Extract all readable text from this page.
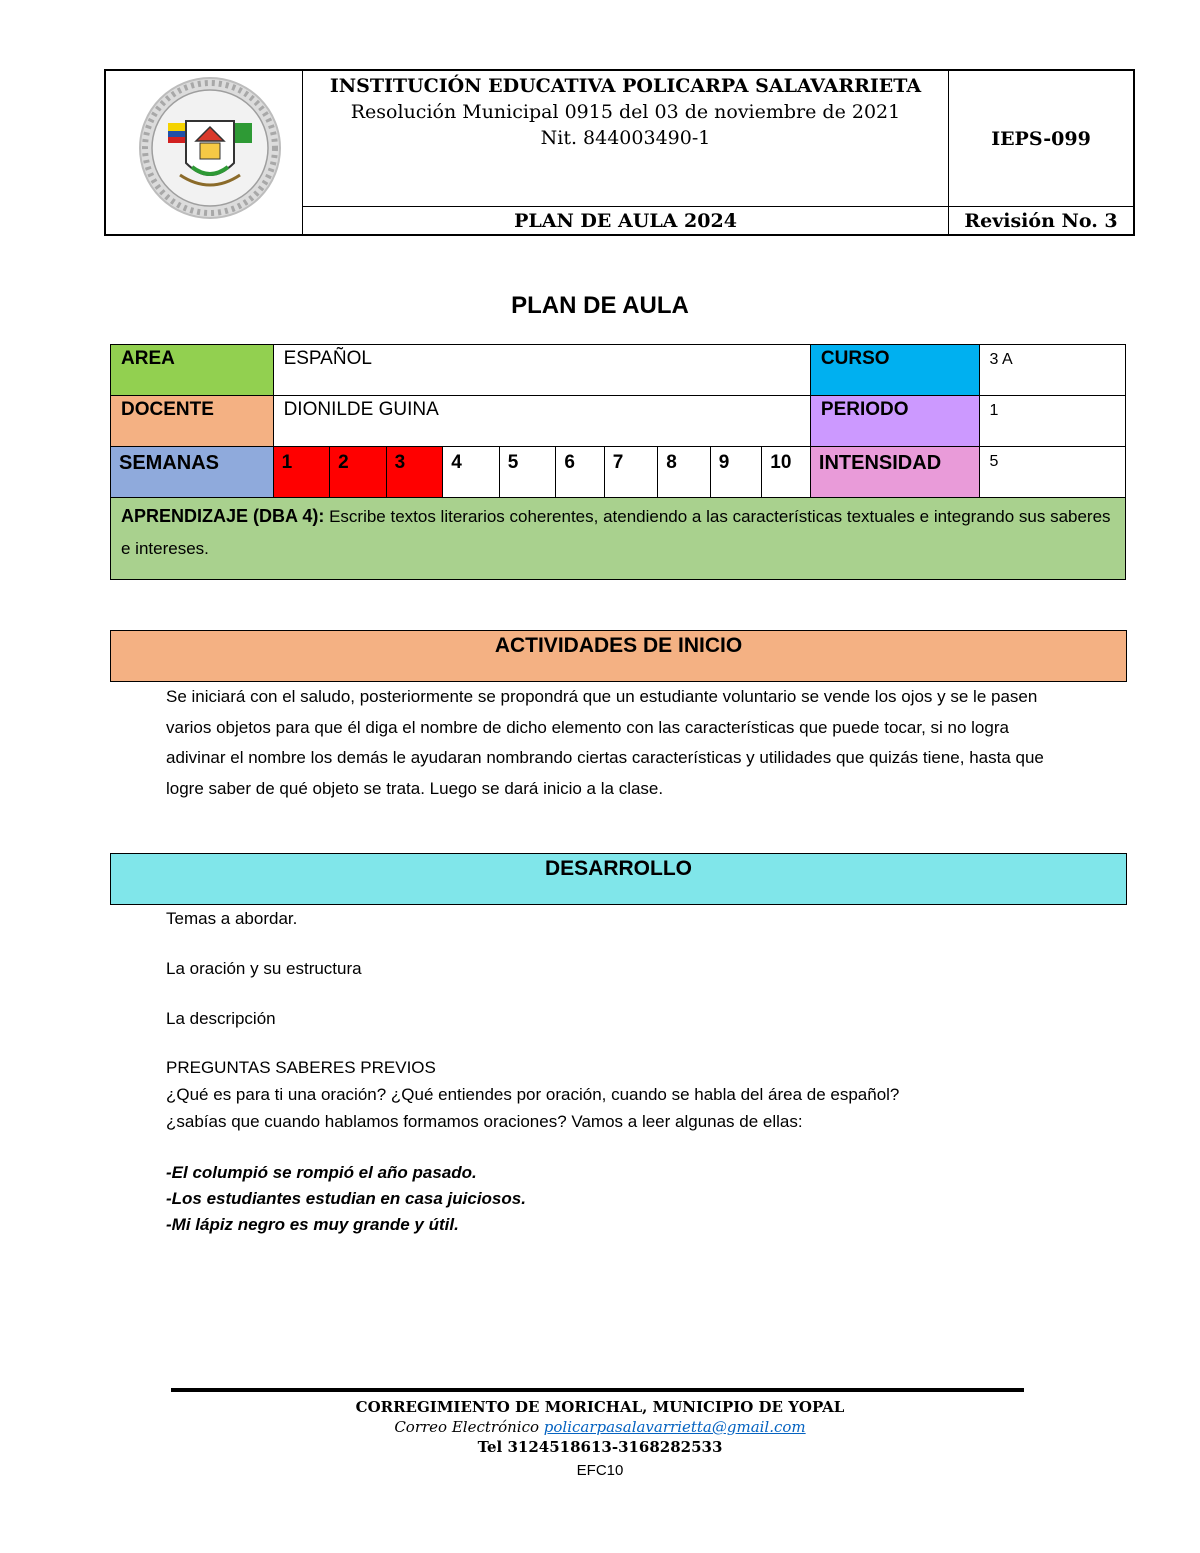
INSTITUCIÓN EDUCATIVA POLICARPA SALAVARRIETA
Resolución Municipal 0915 del 03 de noviembre de 2021
Nit. 844003490-1	IEPS-099
PLAN DE AULA 2024	Revisión No. 3
PLAN DE AULA
AREA	ESPAÑOL										CURSO	3 A
DOCENTE	DIONILDE GUINA										PERIODO	1
SEMANAS	1	2	3	4	5	6	7	8	9	10	INTENSIDAD	5
APRENDIZAJE (DBA 4): Escribe textos literarios coherentes, atendiendo a las características textuales e integrando sus saberes e intereses.												
ACTIVIDADES DE INICIO
Se iniciará con el saludo, posteriormente se propondrá que un estudiante voluntario se vende los ojos y se le pasen varios objetos para que él diga el nombre de dicho elemento con las características que puede tocar, si no logra adivinar el nombre los demás le ayudaran nombrando ciertas características y utilidades que quizás tiene, hasta que logre saber de qué objeto se trata. Luego se dará inicio a la clase.
DESARROLLO
Temas a abordar.
La oración y su estructura
La descripción
PREGUNTAS SABERES PREVIOS
¿Qué es para ti una oración? ¿Qué entiendes por oración, cuando se habla del área de español?
¿sabías que cuando hablamos formamos oraciones? Vamos a leer algunas de ellas:
-El columpió se rompió el año pasado.
-Los estudiantes estudian en casa juiciosos.
-Mi lápiz negro es muy grande y útil.
CORREGIMIENTO DE MORICHAL, MUNICIPIO DE YOPAL
Correo Electrónico policarpasalavarrietta@gmail.com
Tel 3124518613-3168282533
EFC10
